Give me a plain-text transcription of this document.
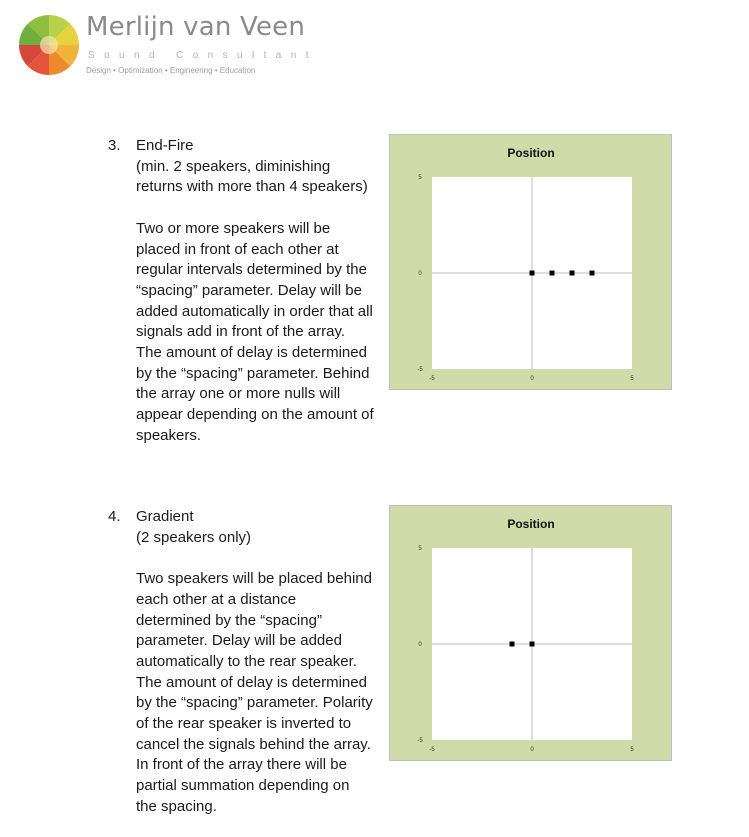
Merlijn van Veen
Sound Consultant
Design • Optimization • Engineering • Education
3. End-Fire
(min. 2 speakers, diminishing returns with more than 4 speakers)
Two or more speakers will be placed in front of each other at regular intervals determined by the “spacing” parameter. Delay will be added automatically in order that all signals add in front of the array. The amount of delay is determined by the “spacing” parameter. Behind the array one or more nulls will appear depending on the amount of speakers.
4. Gradient
(2 speakers only)
Two speakers will be placed behind each other at a distance determined by the “spacing” parameter. Delay will be added automatically to the rear speaker. The amount of delay is determined by the “spacing” parameter. Polarity of the rear speaker is inverted to cancel the signals behind the array. In front of the array there will be partial summation depending on the spacing.
Position
5
0
-5
-5	0	5
Position
5
0
-5
-5	0	5
